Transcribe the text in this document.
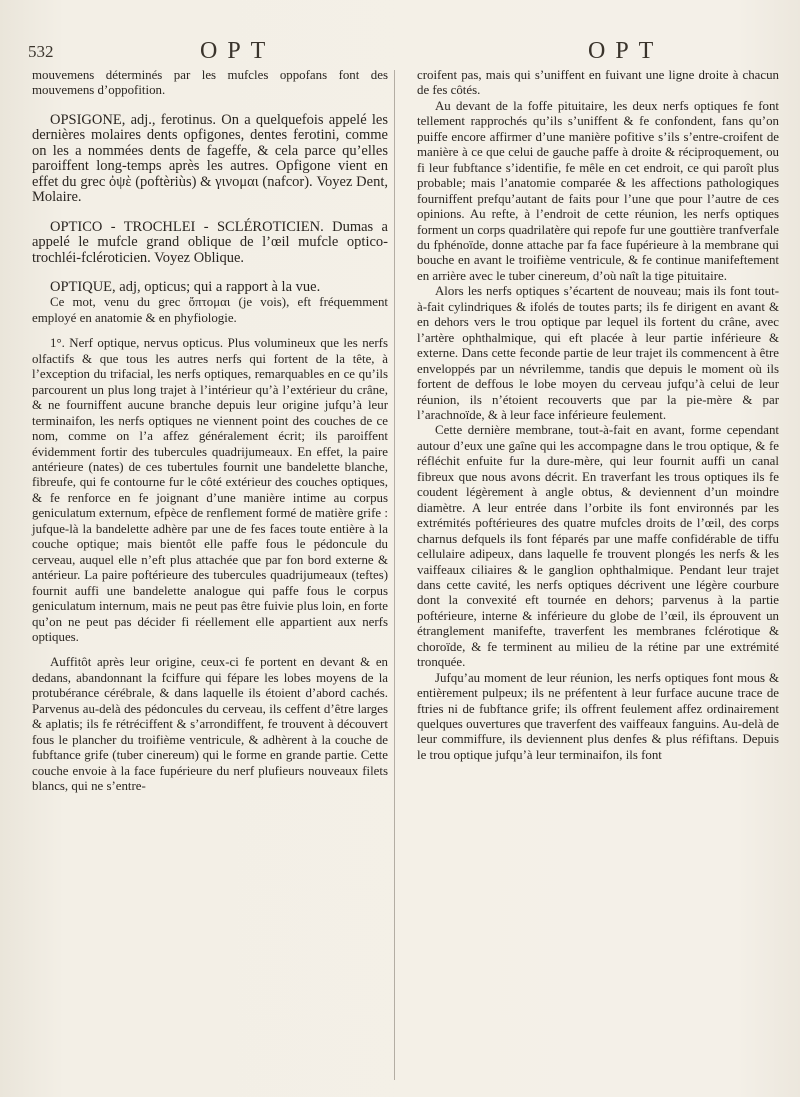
532	OPT	OPT

mouvemens déterminés par les mufcles oppofans font des mouvemens d’oppofition.

OPSIGONE, adj., ferotinus. On a quelquefois appelé les dernières molaires dents opfigones, dentes ferotini, comme on les a nommées dents de fageffe, & cela parce qu’elles paroiffent long-temps après les autres. Opfigone vient en effet du grec ὀψὲ (poftèriùs) & γινομαι (nafcor). Voyez Dent, Molaire.

OPTICO - TROCHLEI - SCLÉROTICIEN. Dumas a appelé le mufcle grand oblique de l’œil mufcle optico-trochléi-fcléroticien. Voyez Oblique.

OPTIQUE, adj, opticus; qui a rapport à la vue.

Ce mot, venu du grec ὄπτομαι (je vois), eft fréquemment employé en anatomie & en phyfiologie.

1°. Nerf optique, nervus opticus. Plus volumineux que les nerfs olfactifs & que tous les autres nerfs qui fortent de la tête, à l’exception du trifacial, les nerfs optiques, remarquables en ce qu’ils parcourent un plus long trajet à l’intérieur qu’à l’extérieur du crâne, & ne fourniffent aucune branche depuis leur origine jufqu’à leur terminaifon, les nerfs optiques ne viennent point des couches de ce nom, comme on l’a affez généralement écrit; ils paroiffent évidemment fortir des tubercules quadrijumeaux. En effet, la paire antérieure (nates) de ces tubertules fournit une bandelette blanche, fibreufe, qui fe contourne fur le côté extérieur des couches optiques, & fe renforce en fe joignant d’une manière intime au corpus geniculatum externum, efpèce de renflement formé de matière grife : jufque-là la bandelette adhère par une de fes faces toute entière à la couche optique; mais bientôt elle paffe fous le pédoncule du cerveau, auquel elle n’eft plus attachée que par fon bord externe & antérieur. La paire poftérieure des tubercules quadrijumeaux (teftes) fournit auffi une bandelette analogue qui paffe fous le corpus geniculatum internum, mais ne peut pas être fuivie plus loin, en forte qu’on ne peut pas décider fi réellement elle appartient aux nerfs optiques.

Auffitôt après leur origine, ceux-ci fe portent en devant & en dedans, abandonnant la fciffure qui fépare les lobes moyens de la protubérance cérébrale, & dans laquelle ils étoient d’abord cachés. Parvenus au-delà des pédoncules du cerveau, ils ceffent d’être larges & aplatis; ils fe rétréciffent & s’arrondiffent, fe trouvent à découvert fous le plancher du troifième ventricule, & adhèrent à la couche de fubftance grife (tuber cinereum) qui le forme en grande partie. Cette couche envoie à la face fupérieure du nerf plufieurs nouveaux filets blancs, qui ne s’entre-

croifent pas, mais qui s’uniffent en fuivant une ligne droite à chacun de fes côtés.

Au devant de la foffe pituitaire, les deux nerfs optiques fe font tellement rapprochés qu’ils s’uniffent & fe confondent, fans qu’on puiffe encore affirmer d’une manière pofitive s’ils s’entre-croifent de manière à ce que celui de gauche paffe à droite & réciproquement, ou fi leur fubftance s’identifie, fe mêle en cet endroit, ce qui paroît plus probable; mais l’anatomie comparée & les affections pathologiques fourniffent prefqu’autant de faits pour l’une que pour l’autre de ces opinions. Au refte, à l’endroit de cette réunion, les nerfs optiques forment un corps quadrilatère qui repofe fur une gouttière tranfverfale du fphénoïde, donne attache par fa face fupérieure à la membrane qui bouche en avant le troifième ventricule, & fe continue manifeftement en arrière avec le tuber cinereum, d’où naît la tige pituitaire.

Alors les nerfs optiques s’écartent de nouveau; mais ils font tout-à-fait cylindriques & ifolés de toutes parts; ils fe dirigent en avant & en dehors vers le trou optique par lequel ils fortent du crâne, avec l’artère ophthalmique, qui eft placée à leur partie inférieure & externe. Dans cette feconde partie de leur trajet ils commencent à être enveloppés par un névrilemme, tandis que depuis le moment où ils fortent de deffous le lobe moyen du cerveau jufqu’à celui de leur réunion, ils n’étoient recouverts que par la pie-mère & par l’arachnoïde, & à leur face inférieure feulement.

Cette dernière membrane, tout-à-fait en avant, forme cependant autour d’eux une gaîne qui les accompagne dans le trou optique, & fe réfléchit enfuite fur la dure-mère, qui leur fournit auffi un canal fibreux que nous avons décrit. En traverfant les trous optiques ils fe coudent légèrement à angle obtus, & deviennent d’un moindre diamètre. A leur entrée dans l’orbite ils font environnés par les extrémités poftérieures des quatre mufcles droits de l’œil, des corps charnus defquels ils font féparés par une maffe confidérable de tiffu cellulaire adipeux, dans laquelle fe trouvent plongés les nerfs & les vaiffeaux ciliaires & le ganglion ophthalmique. Pendant leur trajet dans cette cavité, les nerfs optiques décrivent une légère courbure dont la convexité eft tournée en dehors; parvenus à la partie poftérieure, interne & inférieure du globe de l’œil, ils éprouvent un étranglement manifefte, traverfent les membranes fclérotique & choroïde, & fe terminent au milieu de la rétine par une extrémité tronquée.

Jufqu’au moment de leur réunion, les nerfs optiques font mous & entièrement pulpeux; ils ne préfentent à leur furface aucune trace de ftries ni de fubftance grife; ils offrent feulement affez ordinairement quelques ouvertures que traverfent des vaiffeaux fanguins. Au-delà de leur commiffure, ils deviennent plus denfes & plus réfiftans. Depuis le trou optique jufqu’à leur terminaifon, ils font
